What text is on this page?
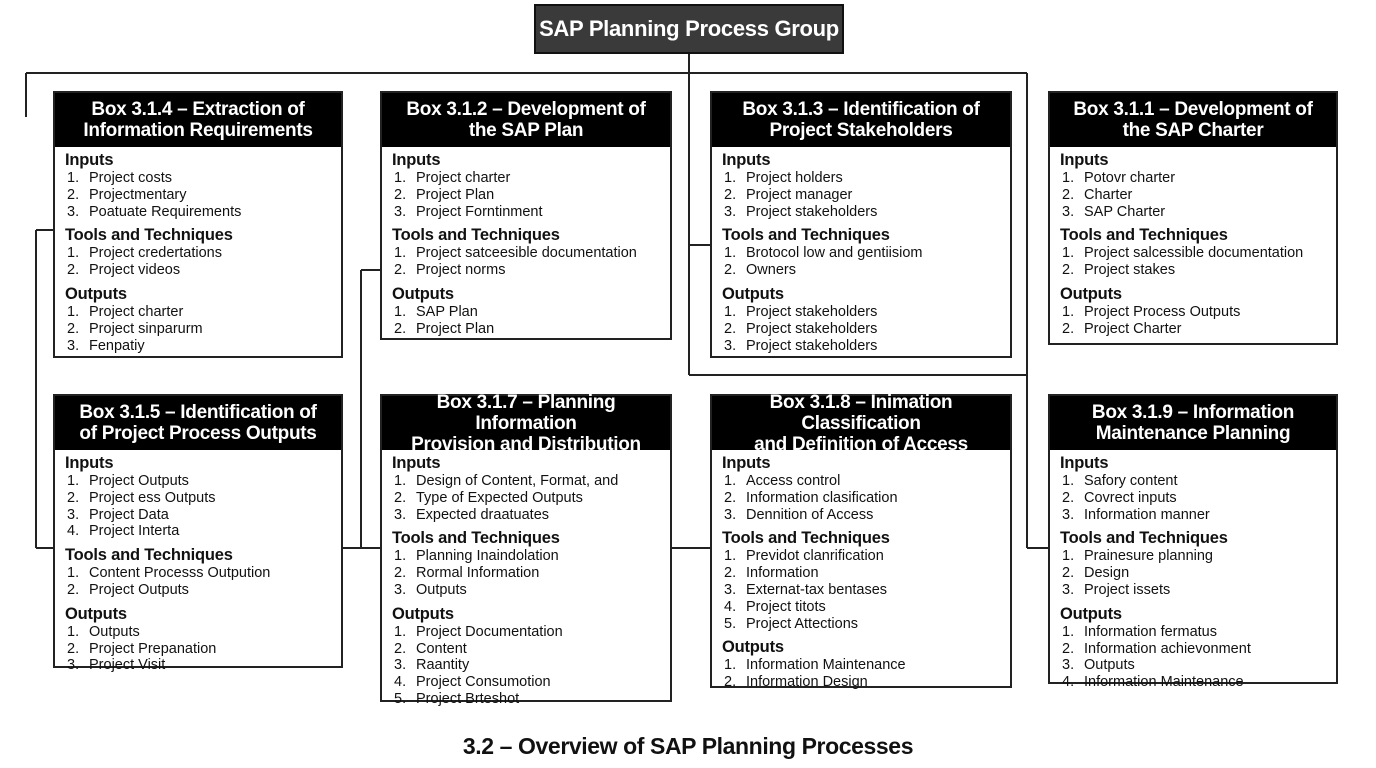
SAP Planning Process Group
Box 3.1.4 – Extraction of
Information Requirements
Inputs
1. Project costs
2. Projectmentary
3. Poatuate Requirements
Tools and Techniques
1. Project credertations
2. Project videos
Outputs
1. Project charter
2. Project sinparurm
3. Fenpatiy
Box 3.1.2 – Development of
the SAP Plan
Inputs
1. Project charter
2. Project Plan
3. Project Forntinment
Tools and Techniques
1. Project satceesible documentation
2. Project norms
Outputs
1. SAP Plan
2. Project Plan
Box 3.1.3 – Identification of
Project Stakeholders
Inputs
1. Project holders
2. Project manager
3. Project stakeholders
Tools and Techniques
1. Brotocol low and gentiisiom
2. Owners
Outputs
1. Project stakeholders
2. Project stakeholders
3. Project stakeholders
Box 3.1.1 – Development of
the SAP Charter
Inputs
1. Potovr charter
2. Charter
3. SAP Charter
Tools and Techniques
1. Project salcessible documentation
2. Project stakes
Outputs
1. Project Process Outputs
2. Project Charter
Box 3.1.5 – Identification of
of Project Process Outputs
Inputs
1. Project Outputs
2. Project ess Outputs
3. Project Data
4. Project Interta
Tools and Techniques
1. Content Processs Outpution
2. Project Outputs
Outputs
1. Outputs
2. Project Prepanation
3. Project Visit
Box 3.1.7 – Planning Information
Provision and Distribution
Inputs
1. Design of Content, Format, and
2. Type of Expected Outputs
3. Expected draatuates
Tools and Techniques
1. Planning Inaindolation
2. Rormal Information
3. Outputs
Outputs
1. Project Documentation
2. Content
3. Raantity
4. Project Consumotion
5. Project Brteshot
Box 3.1.8 – Inimation Classification
and Definition of Access
Inputs
1. Access control
2. Information clasification
3. Dennition of Access
Tools and Techniques
1. Previdot clanrification
2. Information
3. Externat-tax bentases
4. Project titots
5. Project Attections
Outputs
1. Information Maintenance
2. Information Design
Box 3.1.9 – Information
Maintenance Planning
Inputs
1. Safory content
2. Covrect inputs
3. Information manner
Tools and Techniques
1. Prainesure planning
2. Design
3. Project issets
Outputs
1. Information fermatus
2. Information achievonment
3. Outputs
4. Information Maintenance
3.2 – Overview of SAP Planning Processes
